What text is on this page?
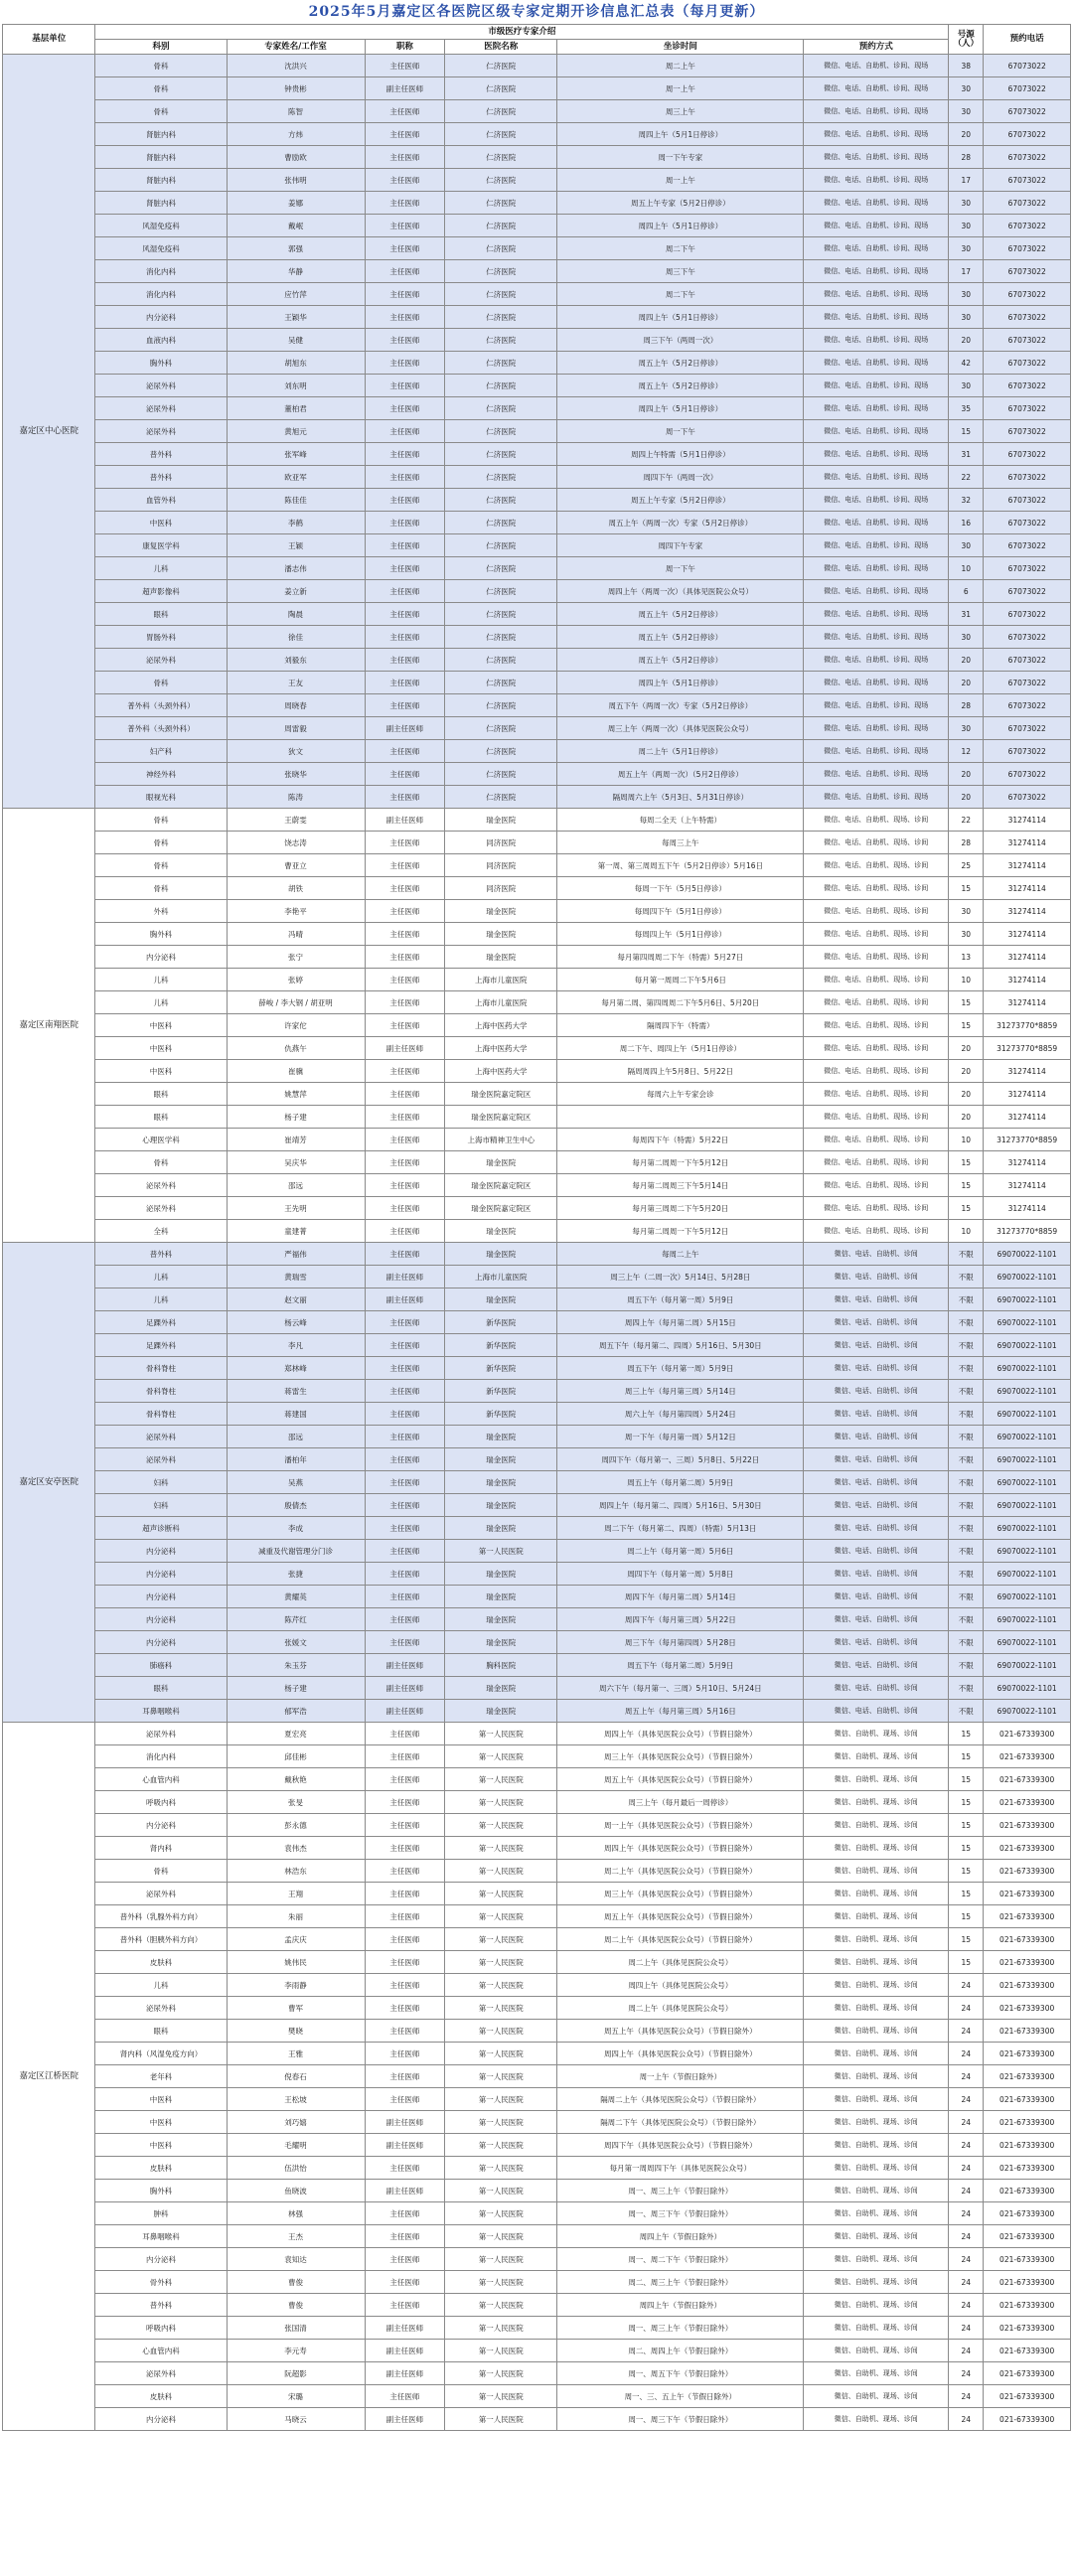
2025年5月嘉定区各医院区级专家定期开诊信息汇总表（每月更新）
基层单位	市级医疗专家介绍						号源（人）	预约电话
	科别	专家姓名/工作室	职称	医院名称	坐诊时间	预约方式		
嘉定区中心医院	骨科	沈洪兴	主任医师	仁济医院	周二上午	微信、电话、自助机、诊间、现场	38	67073022
	骨科	钟贵彬	副主任医师	仁济医院	周一上午	微信、电话、自助机、诊间、现场	30	67073022
	骨科	陈智	主任医师	仁济医院	周三上午	微信、电话、自助机、诊间、现场	30	67073022
	肾脏内科	方炜	主任医师	仁济医院	周四上午（5月1日停诊）	微信、电话、自助机、诊间、现场	20	67073022
	肾脏内科	曹励欧	主任医师	仁济医院	周一下午专家	微信、电话、自助机、诊间、现场	28	67073022
	肾脏内科	张伟明	主任医师	仁济医院	周一上午	微信、电话、自助机、诊间、现场	17	67073022
	肾脏内科	姜娜	主任医师	仁济医院	周五上午专家（5月2日停诊）	微信、电话、自助机、诊间、现场	30	67073022
	风湿免疫科	戴岷	主任医师	仁济医院	周四上午（5月1日停诊）	微信、电话、自助机、诊间、现场	30	67073022
	风湿免疫科	郭强	主任医师	仁济医院	周二下午	微信、电话、自助机、诊间、现场	30	67073022
	消化内科	华静	主任医师	仁济医院	周三下午	微信、电话、自助机、诊间、现场	17	67073022
	消化内科	应竹萍	主任医师	仁济医院	周二下午	微信、电话、自助机、诊间、现场	30	67073022
	内分泌科	王颖华	主任医师	仁济医院	周四上午（5月1日停诊）	微信、电话、自助机、诊间、现场	30	67073022
	血液内科	吴健	主任医师	仁济医院	周三下午（两周一次）	微信、电话、自助机、诊间、现场	20	67073022
	胸外科	胡旭东	主任医师	仁济医院	周五上午（5月2日停诊）	微信、电话、自助机、诊间、现场	42	67073022
	泌尿外科	刘东明	主任医师	仁济医院	周五上午（5月2日停诊）	微信、电话、自助机、诊间、现场	30	67073022
	泌尿外科	董柏君	主任医师	仁济医院	周四上午（5月1日停诊）	微信、电话、自助机、诊间、现场	35	67073022
	泌尿外科	黄旭元	主任医师	仁济医院	周一下午	微信、电话、自助机、诊间、现场	15	67073022
	普外科	张军峰	主任医师	仁济医院	周四上午特需（5月1日停诊）	微信、电话、自助机、诊间、现场	31	67073022
	普外科	欧亚军	主任医师	仁济医院	周四下午（两周一次）	微信、电话、自助机、诊间、现场	22	67073022
	血管外科	陈佳佳	主任医师	仁济医院	周五上午专家（5月2日停诊）	微信、电话、自助机、诊间、现场	32	67073022
	中医科	李鹤	主任医师	仁济医院	周五上午（两周一次）专家（5月2日停诊）	微信、电话、自助机、诊间、现场	16	67073022
	康复医学科	王颖	主任医师	仁济医院	周四下午专家	微信、电话、自助机、诊间、现场	30	67073022
	儿科	潘志伟	主任医师	仁济医院	周一下午	微信、电话、自助机、诊间、现场	10	67073022
	超声影像科	姜立新	主任医师	仁济医院	周四上午（两周一次）（具体见医院公众号）	微信、电话、自助机、诊间、现场	6	67073022
	眼科	陶晨	主任医师	仁济医院	周五上午（5月2日停诊）	微信、电话、自助机、诊间、现场	31	67073022
	胃肠外科	徐佳	主任医师	仁济医院	周五上午（5月2日停诊）	微信、电话、自助机、诊间、现场	30	67073022
	泌尿外科	刘毅东	主任医师	仁济医院	周五上午（5月2日停诊）	微信、电话、自助机、诊间、现场	20	67073022
	骨科	王友	主任医师	仁济医院	周四上午（5月1日停诊）	微信、电话、自助机、诊间、现场	20	67073022
	普外科（头颈外科）	周晓春	主任医师	仁济医院	周五下午（两周一次）专家（5月2日停诊）	微信、电话、自助机、诊间、现场	28	67073022
	普外科（头颈外科）	周雷毅	副主任医师	仁济医院	周三上午（两周一次）（具体见医院公众号）	微信、电话、自助机、诊间、现场	30	67073022
	妇产科	狄文	主任医师	仁济医院	周二上午（5月1日停诊）	微信、电话、自助机、诊间、现场	12	67073022
	神经外科	张晓华	主任医师	仁济医院	周五上午（两周一次）（5月2日停诊）	微信、电话、自助机、诊间、现场	20	67073022
	眼视光科	陈涛	主任医师	仁济医院	隔周周六上午（5月3日、5月31日停诊）	微信、电话、自助机、诊间、现场	20	67073022
嘉定区南翔医院	骨科	王蔚雯	副主任医师	瑞金医院	每周二全天（上午特需）	微信、电话、自助机、现场、诊间	22	31274114
	骨科	饶志涛	主任医师	同济医院	每周三上午	微信、电话、自助机、现场、诊间	28	31274114
	骨科	曹亚立	主任医师	同济医院	第一周、第三周周五下午（5月2日停诊）5月16日	微信、电话、自助机、现场、诊间	25	31274114
	骨科	胡铁	主任医师	同济医院	每周一下午（5月5日停诊）	微信、电话、自助机、现场、诊间	15	31274114
	外科	李艳平	主任医师	瑞金医院	每周四下午（5月1日停诊）	微信、电话、自助机、现场、诊间	30	31274114
	胸外科	冯晴	主任医师	瑞金医院	每周四上午（5月1日停诊）	微信、电话、自助机、现场、诊间	30	31274114
	内分泌科	张宁	主任医师	瑞金医院	每月第四周周二下午（特需）5月27日	微信、电话、自助机、现场、诊间	13	31274114
	儿科	张婷	主任医师	上海市儿童医院	每月第一周周二下午5月6日	微信、电话、自助机、现场、诊间	10	31274114
	儿科	薛峻 / 李大钢 / 胡亚明	主任医师	上海市儿童医院	每月第二周、第四周周二下午5月6日、5月20日	微信、电话、自助机、现场、诊间	15	31274114
	中医科	许家佗	主任医师	上海中医药大学	隔周四下午（特需）	微信、电话、自助机、现场、诊间	15	31273770*8859
	中医科	仇燕午	副主任医师	上海中医药大学	周二下午、周四上午（5月1日停诊）	微信、电话、自助机、现场、诊间	20	31273770*8859
	中医科	崔骥	主任医师	上海中医药大学	隔周周四上午5月8日、5月22日	微信、电话、自助机、现场、诊间	20	31274114
	眼科	姚慧萍	主任医师	瑞金医院嘉定院区	每周六上午专家会诊	微信、电话、自助机、现场、诊间	20	31274114
	眼科	杨子建	主任医师	瑞金医院嘉定院区		微信、电话、自助机、现场、诊间	20	31274114
	心理医学科	崔靖芳	主任医师	上海市精神卫生中心	每周四下午（特需）5月22日	微信、电话、自助机、现场、诊间	10	31273770*8859
	骨科	吴庆华	主任医师	瑞金医院	每月第二周周一下午5月12日	微信、电话、自助机、现场、诊间	15	31274114
	泌尿外科	邵远	主任医师	瑞金医院嘉定院区	每月第二周周三下午5月14日	微信、电话、自助机、现场、诊间	15	31274114
	泌尿外科	王先明	主任医师	瑞金医院嘉定院区	每月第三周周二下午5月20日	微信、电话、自助机、现场、诊间	15	31274114
	全科	童建菁	主任医师	瑞金医院	每月第二周周一下午5月12日	微信、电话、自助机、现场、诊间	10	31273770*8859
嘉定区安亭医院	普外科	严福伟	主任医师	瑞金医院	每周二上午	微信、电话、自助机、诊间	不限	69070022-1101
	儿科	黄瑞雪	副主任医师	上海市儿童医院	周三上午（二周一次）5月14日、5月28日	微信、电话、自助机、诊间	不限	69070022-1101
	儿科	赵文丽	副主任医师	瑞金医院	周五下午（每月第一周）5月9日	微信、电话、自助机、诊间	不限	69070022-1101
	足踝外科	杨云峰	主任医师	新华医院	周四上午（每月第二周）5月15日	微信、电话、自助机、诊间	不限	69070022-1101
	足踝外科	李凡	主任医师	新华医院	周五下午（每月第二、四周）5月16日、5月30日	微信、电话、自助机、诊间	不限	69070022-1101
	骨科脊柱	郑林峰	主任医师	新华医院	周五下午（每月第一周）5月9日	微信、电话、自助机、诊间	不限	69070022-1101
	骨科脊柱	蒋雷生	主任医师	新华医院	周三上午（每月第三周）5月14日	微信、电话、自助机、诊间	不限	69070022-1101
	骨科脊柱	蒋建国	主任医师	新华医院	周六上午（每月第四周）5月24日	微信、电话、自助机、诊间	不限	69070022-1101
	泌尿外科	邵远	主任医师	瑞金医院	周一下午（每月第一周）5月12日	微信、电话、自助机、诊间	不限	69070022-1101
	泌尿外科	潘柏年	主任医师	瑞金医院	周四下午（每月第一、三周）5月8日、5月22日	微信、电话、自助机、诊间	不限	69070022-1101
	妇科	吴燕	主任医师	瑞金医院	周五上午（每月第二周）5月9日	微信、电话、自助机、诊间	不限	69070022-1101
	妇科	殷倩杰	主任医师	瑞金医院	周四上午（每月第二、四周）5月16日、5月30日	微信、电话、自助机、诊间	不限	69070022-1101
	超声诊断科	李成	主任医师	瑞金医院	周二下午（每月第二、四周）（特需）5月13日	微信、电话、自助机、诊间	不限	69070022-1101
	内分泌科	减重及代谢管理分门诊	主任医师	第一人民医院	周二上午（每月第一周）5月6日	微信、电话、自助机、诊间	不限	69070022-1101
	内分泌科	张捷	主任医师	瑞金医院	周四下午（每月第一周）5月8日	微信、电话、自助机、诊间	不限	69070022-1101
	内分泌科	黄耀英	主任医师	瑞金医院	周四下午（每月第二周）5月14日	微信、电话、自助机、诊间	不限	69070022-1101
	内分泌科	陈芹红	主任医师	瑞金医院	周四下午（每月第三周）5月22日	微信、电话、自助机、诊间	不限	69070022-1101
	内分泌科	张媛文	主任医师	瑞金医院	周三下午（每月第四周）5月28日	微信、电话、自助机、诊间	不限	69070022-1101
	肺癌科	朱玉芬	副主任医师	胸科医院	周五下午（每月第二周）5月9日	微信、电话、自助机、诊间	不限	69070022-1101
	眼科	杨子建	副主任医师	瑞金医院	周六下午（每月第一、三周）5月10日、5月24日	微信、电话、自助机、诊间	不限	69070022-1101
	耳鼻咽喉科	郁军浩	副主任医师	瑞金医院	周五上午（每月第三周）5月16日	微信、电话、自助机、诊间	不限	69070022-1101
嘉定区江桥医院	泌尿外科	夏宏亮	主任医师	第一人民医院	周四上午（具体见医院公众号）（节假日除外）	微信、自助机、现场、诊间	15	021-67339300
	消化内科	邱佳彬	主任医师	第一人民医院	周三上午（具体见医院公众号）（节假日除外）	微信、自助机、现场、诊间	15	021-67339300
	心血管内科	戴秋艳	主任医师	第一人民医院	周五上午（具体见医院公众号）（节假日除外）	微信、自助机、现场、诊间	15	021-67339300
	呼吸内科	张旻	主任医师	第一人民医院	周三上午（每月最后一周停诊）	微信、自助机、现场、诊间	15	021-67339300
	内分泌科	彭永德	主任医师	第一人民医院	周一上午（具体见医院公众号）（节假日除外）	微信、自助机、现场、诊间	15	021-67339300
	肾内科	袁伟杰	主任医师	第一人民医院	周四上午（具体见医院公众号）（节假日除外）	微信、自助机、现场、诊间	15	021-67339300
	骨科	林浩东	主任医师	第一人民医院	周二上午（具体见医院公众号）（节假日除外）	微信、自助机、现场、诊间	15	021-67339300
	泌尿外科	王翔	主任医师	第一人民医院	周三上午（具体见医院公众号）（节假日除外）	微信、自助机、现场、诊间	15	021-67339300
	普外科（乳腺外科方向）	朱丽	主任医师	第一人民医院	周五上午（具体见医院公众号）（节假日除外）	微信、自助机、现场、诊间	15	021-67339300
	普外科（胆胰外科方向）	孟庆庆	主任医师	第一人民医院	周二上午（具体见医院公众号）（节假日除外）	微信、自助机、现场、诊间	15	021-67339300
	皮肤科	姚伟民	主任医师	第一人民医院	周二上午（具体见医院公众号）	微信、自助机、现场、诊间	15	021-67339300
	儿科	李雨静	主任医师	第一人民医院	周四上午（具体见医院公众号）	微信、自助机、现场、诊间	24	021-67339300
	泌尿外科	曹军	主任医师	第一人民医院	周二上午（具体见医院公众号）	微信、自助机、现场、诊间	24	021-67339300
	眼科	樊晓	主任医师	第一人民医院	周五上午（具体见医院公众号）（节假日除外）	微信、自助机、现场、诊间	24	021-67339300
	肾内科（风湿免疫方向）	王雅	主任医师	第一人民医院	周四上午（具体见医院公众号）（节假日除外）	微信、自助机、现场、诊间	24	021-67339300
	老年科	倪春石	主任医师	第一人民医院	周一上午（节假日除外）	微信、自助机、现场、诊间	24	021-67339300
	中医科	王松坡	主任医师	第一人民医院	隔周二上午（具体见医院公众号）（节假日除外）	微信、自助机、现场、诊间	24	021-67339300
	中医科	刘巧嬉	副主任医师	第一人民医院	隔周二下午（具体见医院公众号）（节假日除外）	微信、自助机、现场、诊间	24	021-67339300
	中医科	毛耀明	副主任医师	第一人民医院	周四下午（具体见医院公众号）（节假日除外）	微信、自助机、现场、诊间	24	021-67339300
	皮肤科	伍洪怡	主任医师	第一人民医院	每月第一周周四下午（具体见医院公众号）	微信、自助机、现场、诊间	24	021-67339300
	胸外科	鱼晓波	副主任医师	第一人民医院	周一、周三上午（节假日除外）	微信、自助机、现场、诊间	24	021-67339300
	肿科	林强	主任医师	第一人民医院	周一、周三下午（节假日除外）	微信、自助机、现场、诊间	24	021-67339300
	耳鼻咽喉科	王杰	主任医师	第一人民医院	周四上午（节假日除外）	微信、自助机、现场、诊间	24	021-67339300
	内分泌科	袁知达	主任医师	第一人民医院	周一、周二下午（节假日除外）	微信、自助机、现场、诊间	24	021-67339300
	骨外科	曹俊	主任医师	第一人民医院	周二、周三上午（节假日除外）	微信、自助机、现场、诊间	24	021-67339300
	普外科	曹俊	主任医师	第一人民医院	周四上午（节假日除外）	微信、自助机、现场、诊间	24	021-67339300
	呼吸内科	张国清	副主任医师	第一人民医院	周一、周三上午（节假日除外）	微信、自助机、现场、诊间	24	021-67339300
	心血管内科	李元寿	副主任医师	第一人民医院	周二、周四上午（节假日除外）	微信、自助机、现场、诊间	24	021-67339300
	泌尿外科	阮超影	副主任医师	第一人民医院	周一、周五下午（节假日除外）	微信、自助机、现场、诊间	24	021-67339300
	皮肤科	宋璐	主任医师	第一人民医院	周一、三、五上午（节假日除外）	微信、自助机、现场、诊间	24	021-67339300
	内分泌科	马晓云	副主任医师	第一人民医院	周一、周三下午（节假日除外）	微信、自助机、现场、诊间	24	021-67339300
